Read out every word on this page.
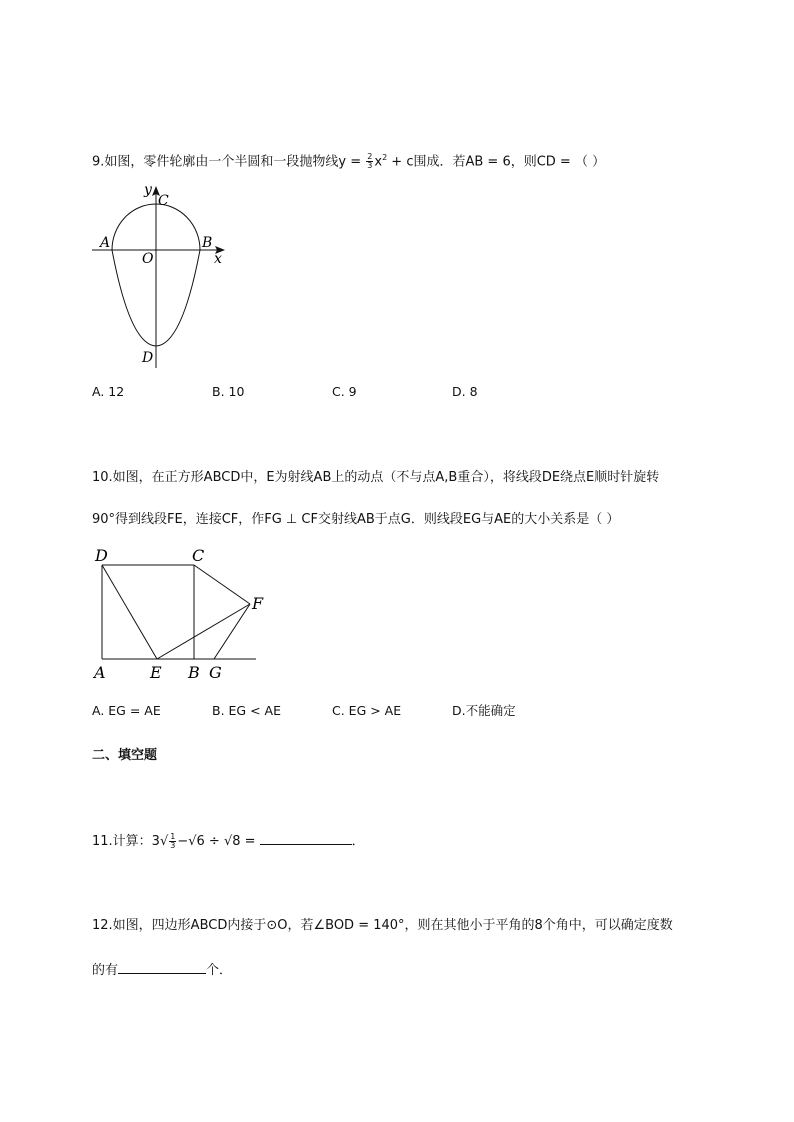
9.如图，零件轮廓由一个半圆和一段抛物线$y = \frac{2}{3} x^2 + c$围成．若AB = 6，则CD = （ ）
y
C
A	B
O	x
D
A. 12	B. 10	C. 9	D. 8
10.如图，在正方形ABCD中，E为射线AB上的动点（不与点A,B重合），将线段DE绕点E顺时针旋转
90°得到线段FE，连接CF，作FG ⊥ CF交射线AB于点G．则线段EG与AE的大小关系是（ ）
D	C
F
A	E B G
A. EG = AE	B. EG < AE	C. EG > AE	D.不能确定
二、填空题
11.计算：$3√ \frac{1}{3} -√6 \div √8$ =	．
12.如图，四边形ABCD内接于⊙O，若∠BOD = 140°，则在其他小于平角的8个角中，可以确定度数
的有	个．
